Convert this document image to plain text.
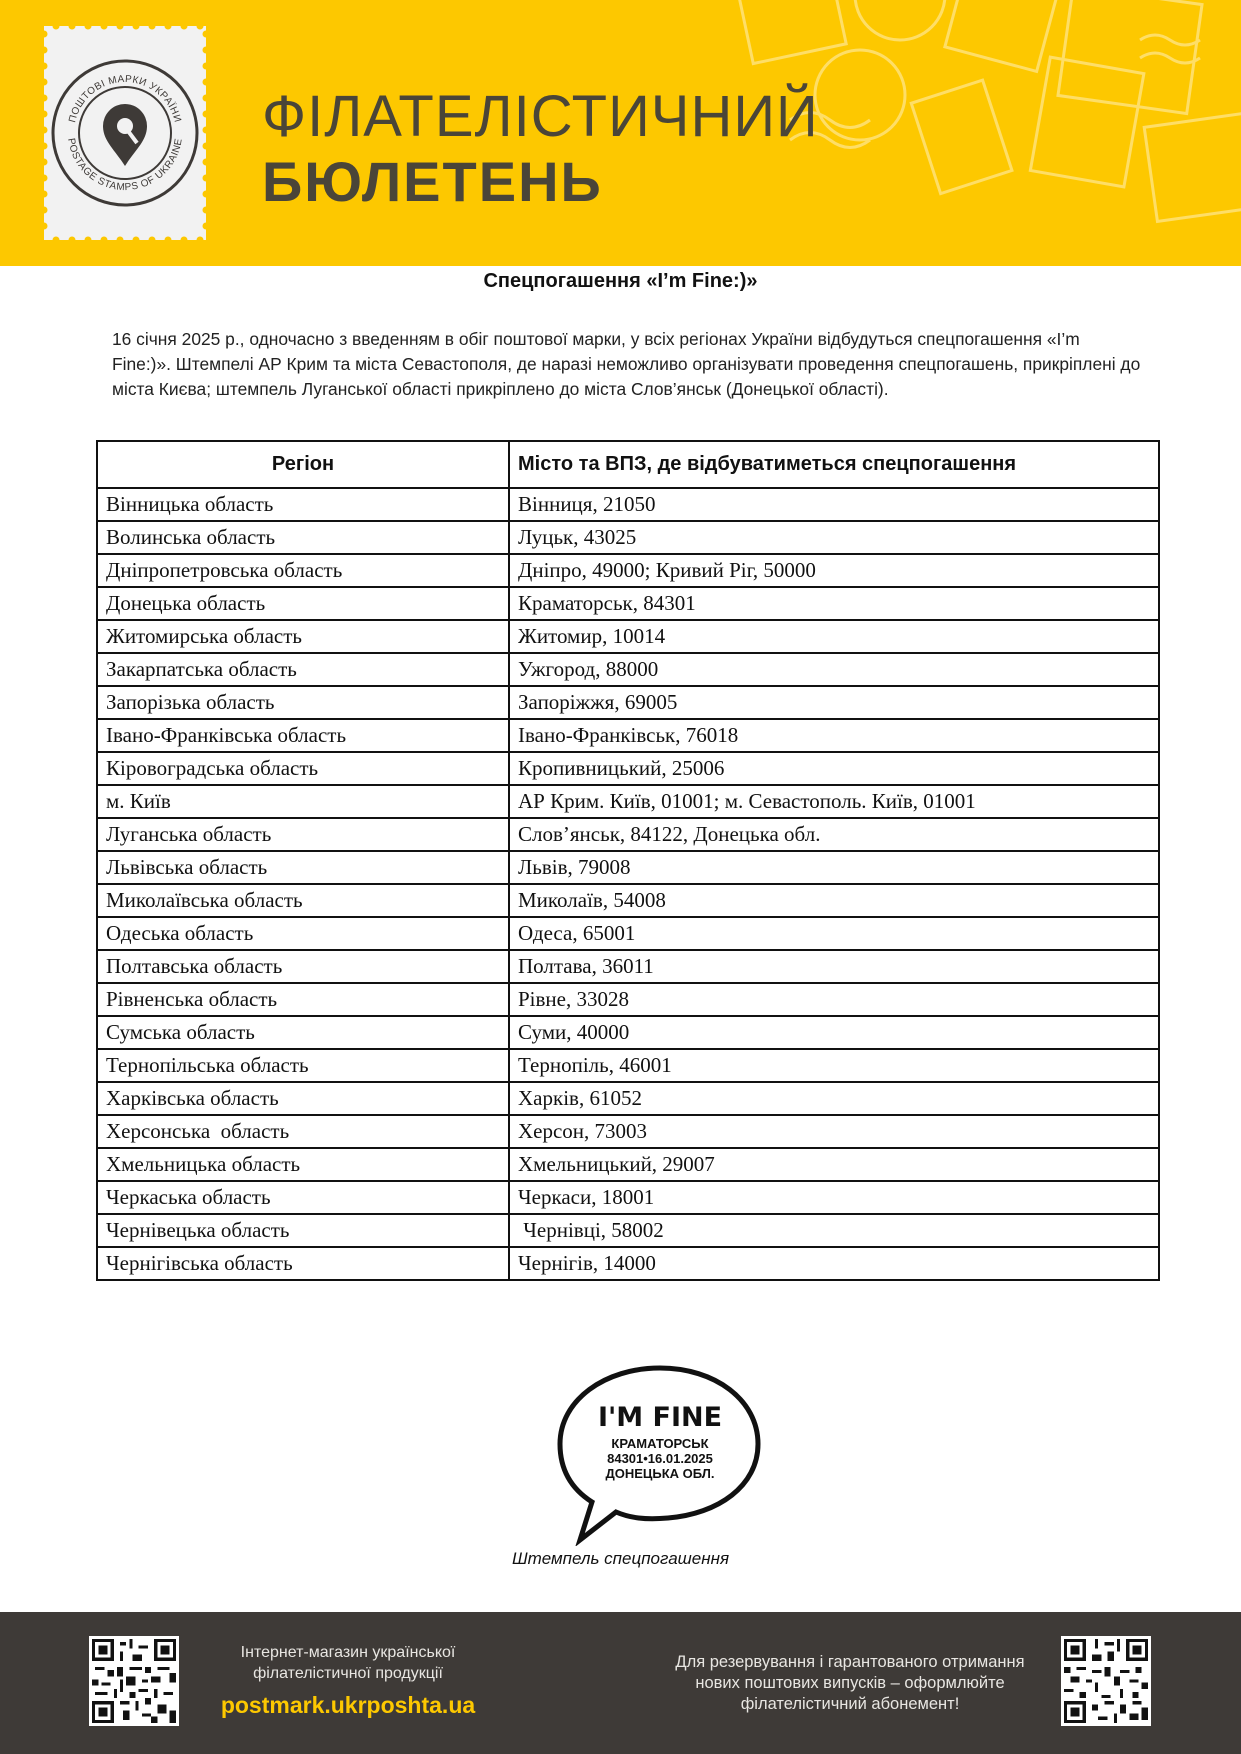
ПОШТОВІ МАРКИ УКРАЇНИ
POSTAGE STAMPS OF UKRAINE ФІЛАТЕЛІСТИЧНИЙ
БЮЛЕТЕНЬ
Спецпогашення «I’m Fine:)»
16 січня 2025 р., одночасно з введенням в обіг поштової марки, у всіх регіонах України відбудуться спецпогашення «I’m Fine:)». Штемпелі АР Крим та міста Севастополя, де наразі неможливо організувати проведення спецпогашень, прикріплені до міста Києва; штемпель Луганської області прикріплено до міста Слов’янськ (Донецької області).
Регіон	Місто та ВПЗ, де відбуватиметься спецпогашення
Вінницька область	Вінниця, 21050
Волинська область	Луцьк, 43025
Дніпропетровська область	Дніпро, 49000; Кривий Ріг, 50000
Донецька область	Краматорськ, 84301
Житомирська область	Житомир, 10014
Закарпатська область	Ужгород, 88000
Запорізька область	Запоріжжя, 69005
Івано-Франківська область	Івано-Франківськ, 76018
Кіровоградська область	Кропивницький, 25006
м. Київ	АР Крим. Київ, 01001; м. Севастополь. Київ, 01001
Луганська область	Слов’янськ, 84122, Донецька обл.
Львівська область	Львів, 79008
Миколаївська область	Миколаїв, 54008
Одеська область	Одеса, 65001
Полтавська область	Полтава, 36011
Рівненська область	Рівне, 33028
Сумська область	Суми, 40000
Тернопільська область	Тернопіль, 46001
Харківська область	Харків, 61052
Херсонська  область	Херсон, 73003
Хмельницька область	Хмельницький, 29007
Черкаська область	Черкаси, 18001
Чернівецька область	Чернівці, 58002
Чернігівська область	Чернігів, 14000
I'M FINE
КРАМАТОРСЬК
84301•16.01.2025
ДОНЕЦЬКА ОБЛ.
Штемпель спецпогашення
Інтернет-магазин української філателістичної продукції
postmark.ukrposhta.ua
Для резервування і гарантованого отримання нових поштових випусків – оформлюйте філателістичний абонемент!
